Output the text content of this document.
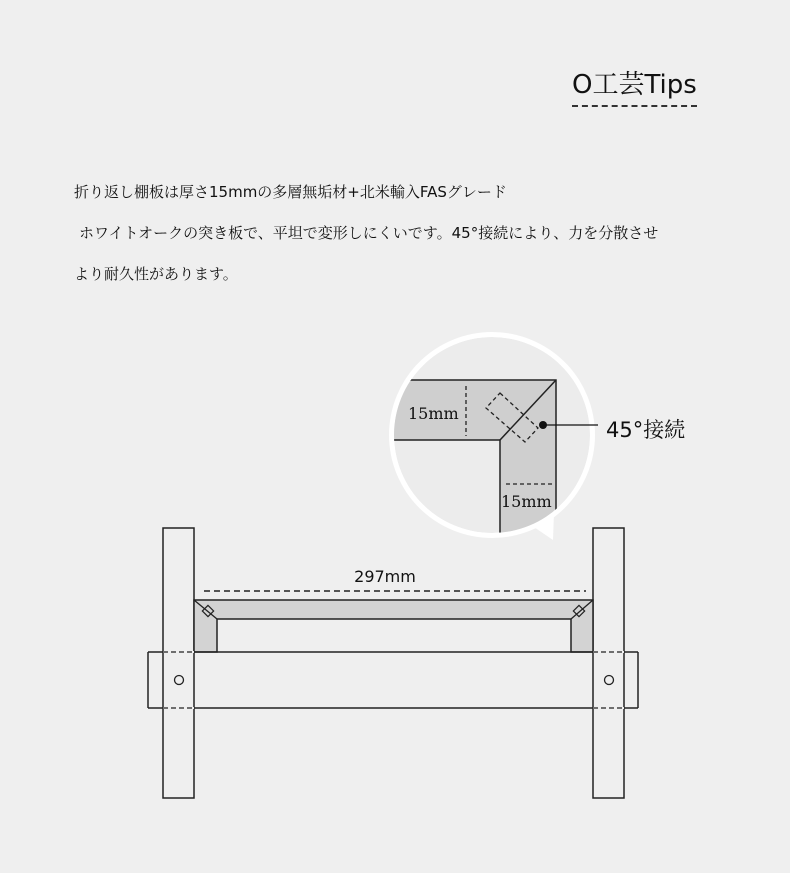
O工芸Tips
折り返し棚板は厚さ15mmの多層無垢材+北米輸入FASグレード
ホワイトオークの突き板で、平坦で変形しにくいです。45°接続により、力を分散させ
より耐久性があります。
15mm
15mm
45°接続
297mm
